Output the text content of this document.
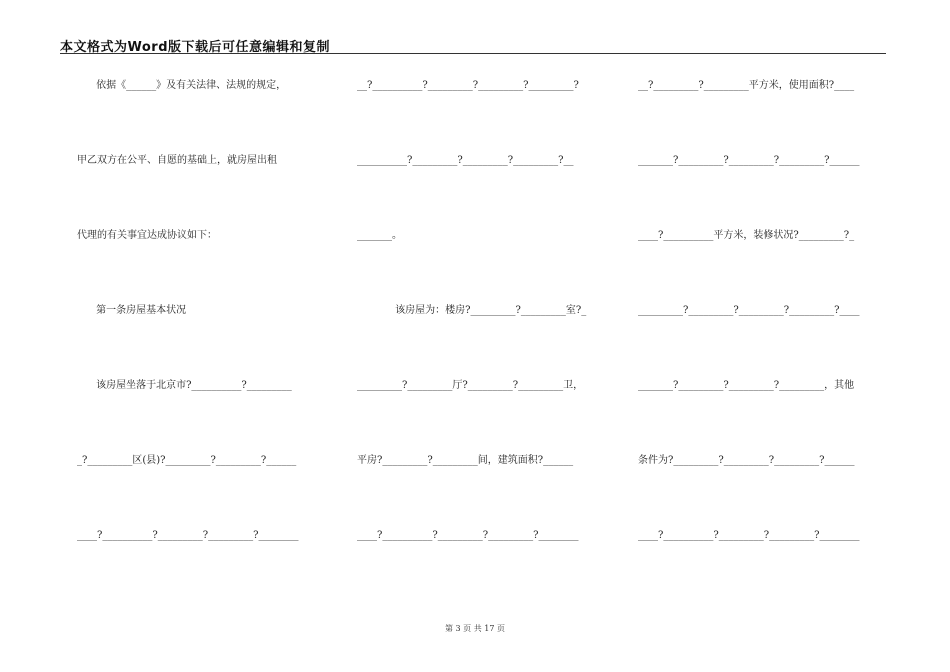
本文格式为Word版下载后可任意编辑和复制
依据《______》及有关法律、法规的规定，
甲乙双方在公平、自愿的基础上，就房屋出租
代理的有关事宜达成协议如下：
第一条房屋基本状况
该房屋坐落于北京市?__________?_________
_?_________区(县)?_________?_________?______
____?__________?_________?_________?________
__?__________?_________?_________?_________?
__________?_________?_________?_________?__
_______。
该房屋为：楼房?_________?_________室?_
_________?_________厅?_________?_________卫，
平房?_________?_________间，建筑面积?______
____?__________?_________?_________?________
__?_________?_________平方米，使用面积?____
_______?_________?_________?_________?______
____?__________平方米，装修状况?_________?_
_________?_________?_________?_________?____
_______?_________?_________?_________，其他
条件为?_________?_________?_________?______
____?__________?_________?_________?________
第 3 页 共 17 页
